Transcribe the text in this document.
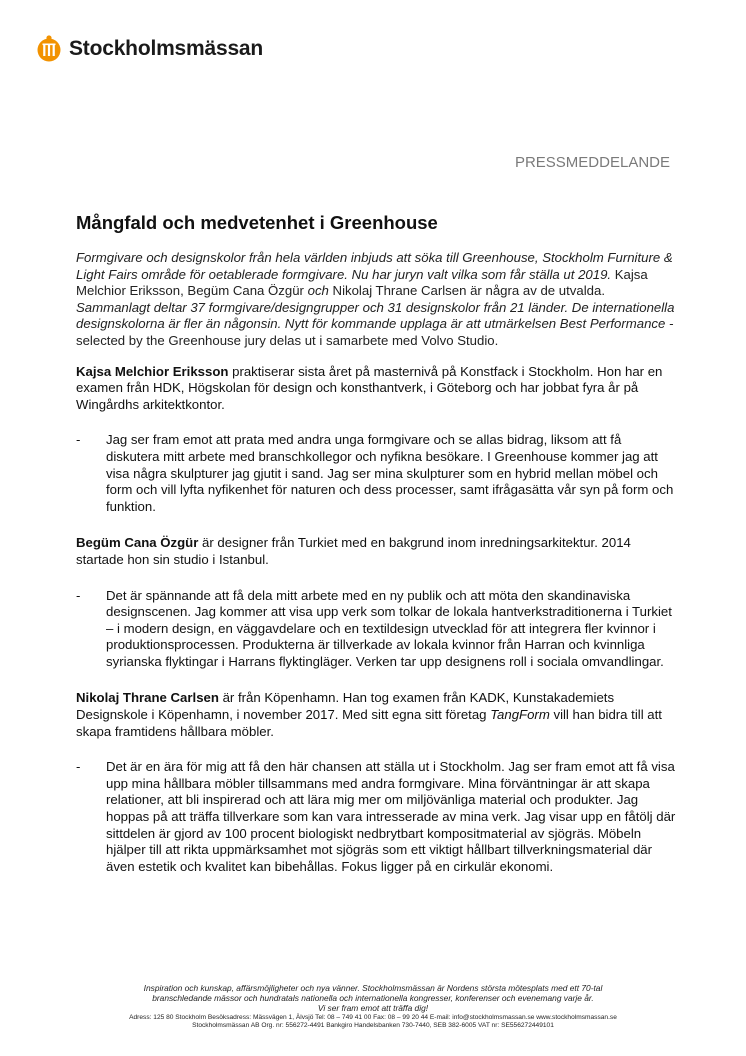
Stockholmsmässan
PRESSMEDDELANDE
Mångfald och medvetenhet i Greenhouse

Formgivare och designskolor från hela världen inbjuds att söka till Greenhouse, Stockholm Furniture & Light Fairs område för oetablerade formgivare. Nu har juryn valt vilka som får ställa ut 2019. Kajsa Melchior Eriksson, Begüm Cana Özgür och Nikolaj Thrane Carlsen är några av de utvalda. Sammanlagt deltar 37 formgivare/designgrupper och 31 designskolor från 21 länder. De internationella designskolorna är fler än någonsin. Nytt för kommande upplaga är att utmärkelsen Best Performance - selected by the Greenhouse jury delas ut i samarbete med Volvo Studio.

Kajsa Melchior Eriksson praktiserar sista året på masternivå på Konstfack i Stockholm. Hon har en examen från HDK, Högskolan för design och konsthantverk, i Göteborg och har jobbat fyra år på Wingårdhs arkitektkontor.

- Jag ser fram emot att prata med andra unga formgivare och se allas bidrag, liksom att få diskutera mitt arbete med branschkollegor och nyfikna besökare. I Greenhouse kommer jag att visa några skulpturer jag gjutit i sand. Jag ser mina skulpturer som en hybrid mellan möbel och form och vill lyfta nyfikenhet för naturen och dess processer, samt ifrågasätta vår syn på form och funktion.

Begüm Cana Özgür är designer från Turkiet med en bakgrund inom inredningsarkitektur. 2014 startade hon sin studio i Istanbul.

- Det är spännande att få dela mitt arbete med en ny publik och att möta den skandinaviska designscenen. Jag kommer att visa upp verk som tolkar de lokala hantverkstraditionerna i Turkiet – i modern design, en väggavdelare och en textildesign utvecklad för att integrera fler kvinnor i produktionsprocessen. Produkterna är tillverkade av lokala kvinnor från Harran och kvinnliga syrianska flyktingar i Harrans flyktingläger. Verken tar upp designens roll i sociala omvandlingar.

Nikolaj Thrane Carlsen är från Köpenhamn. Han tog examen från KADK, Kunstakademiets Designskole i Köpenhamn, i november 2017. Med sitt egna sitt företag TangForm vill han bidra till att skapa framtidens hållbara möbler.

- Det är en ära för mig att få den här chansen att ställa ut i Stockholm. Jag ser fram emot att få visa upp mina hållbara möbler tillsammans med andra formgivare. Mina förväntningar är att skapa relationer, att bli inspirerad och att lära mig mer om miljövänliga material och produkter. Jag hoppas på att träffa tillverkare som kan vara intresserade av mina verk. Jag visar upp en fåtölj där sittdelen är gjord av 100 procent biologiskt nedbrytbart kompositmaterial av sjögräs. Möbeln hjälper till att rikta uppmärksamhet mot sjögräs som ett viktigt hållbart tillverkningsmaterial där även estetik och kvalitet kan bibehållas. Fokus ligger på en cirkulär ekonomi.
Inspiration och kunskap, affärsmöjligheter och nya vänner. Stockholmsmässan är Nordens största mötesplats med ett 70-tal
branschledande mässor och hundratals nationella och internationella kongresser, konferenser och evenemang varje år.
Vi ser fram emot att träffa dig!
Adress: 125 80 Stockholm Besöksadress: Mässvägen 1, Älvsjö Tel: 08 – 749 41 00 Fax: 08 – 99 20 44 E-mail: info@stockholmsmassan.se www.stockholmsmassan.se
Stockholmsmässan AB Org. nr: 556272-4491 Bankgiro Handelsbanken 730-7440, SEB 382-6005 VAT nr: SE556272449101
